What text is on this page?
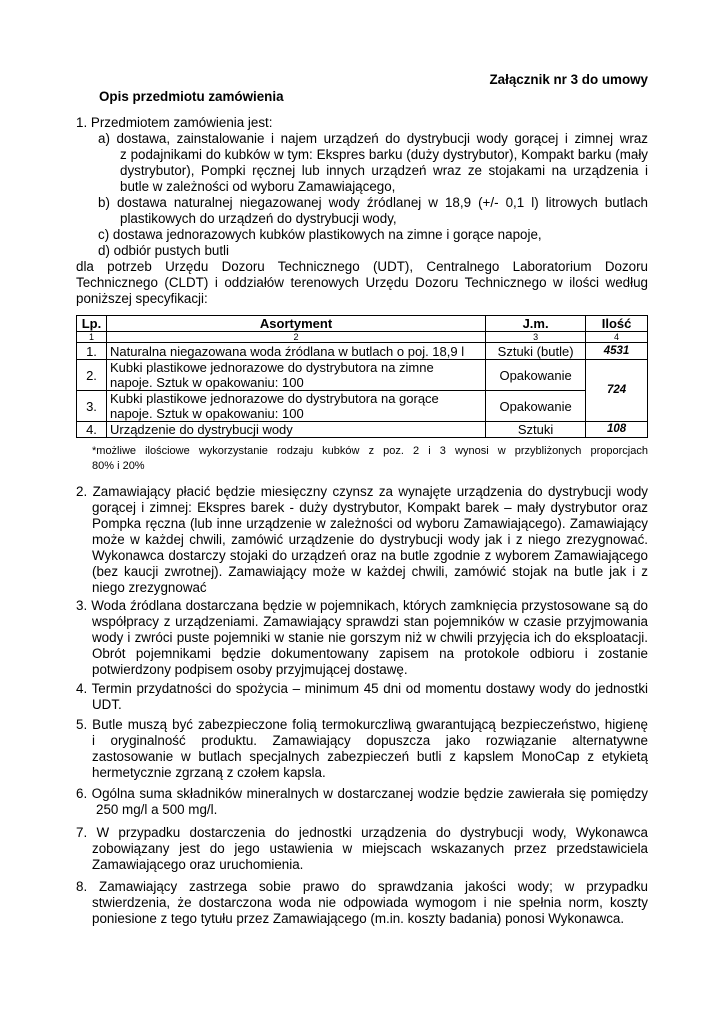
Załącznik nr 3 do umowy
Opis przedmiotu zamówienia
1. Przedmiotem zamówienia jest:
a) dostawa, zainstalowanie i najem urządzeń do dystrybucji wody gorącej i zimnej wraz
z podajnikami do kubków w tym: Ekspres barku (duży dystrybutor), Kompakt barku (mały
dystrybutor), Pompki ręcznej lub innych urządzeń wraz ze stojakami na urządzenia i
butle w zależności od wyboru Zamawiającego,
b) dostawa naturalnej niegazowanej wody źródlanej w 18,9 (+/- 0,1 l) litrowych butlach
plastikowych do urządzeń do dystrybucji wody,
c) dostawa jednorazowych kubków plastikowych na zimne i gorące napoje,
d) odbiór pustych butli
dla potrzeb Urzędu Dozoru Technicznego (UDT), Centralnego Laboratorium Dozoru
Technicznego (CLDT) i oddziałów terenowych Urzędu Dozoru Technicznego w ilości według
poniższej specyfikacji:
Lp.	Asortyment	J.m.	Ilość
1	2	3	4
1.	Naturalna niegazowana woda źródlana w butlach o poj. 18,9 l	Sztuki (butle)	4531
2.	Kubki plastikowe jednorazowe do dystrybutora na zimne
napoje. Sztuk w opakowaniu: 100	Opakowanie	724
3.	Kubki plastikowe jednorazowe do dystrybutora na gorące
napoje. Sztuk w opakowaniu: 100	Opakowanie	
4.	Urządzenie do dystrybucji wody	Sztuki	108
*możliwe ilościowe wykorzystanie rodzaju kubków z poz. 2 i 3 wynosi w przybliżonych proporcjach
80% i 20%
2. Zamawiający płacić będzie miesięczny czynsz za wynajęte urządzenia do dystrybucji wody
gorącej i zimnej: Ekspres barek - duży dystrybutor, Kompakt barek – mały dystrybutor oraz
Pompka ręczna (lub inne urządzenie w zależności od wyboru Zamawiającego). Zamawiający
może w każdej chwili, zamówić urządzenie do dystrybucji wody jak i z niego zrezygnować.
Wykonawca dostarczy stojaki do urządzeń oraz na butle zgodnie z wyborem Zamawiającego
(bez kaucji zwrotnej). Zamawiający może w każdej chwili, zamówić stojak na butle jak i z
niego zrezygnować
3. Woda źródlana dostarczana będzie w pojemnikach, których zamknięcia przystosowane są do
współpracy z urządzeniami. Zamawiający sprawdzi stan pojemników w czasie przyjmowania
wody i zwróci puste pojemniki w stanie nie gorszym niż w chwili przyjęcia ich do eksploatacji.
Obrót pojemnikami będzie dokumentowany zapisem na protokole odbioru i zostanie
potwierdzony podpisem osoby przyjmującej dostawę.
4. Termin przydatności do spożycia – minimum 45 dni od momentu dostawy wody do jednostki
UDT.
5. Butle muszą być zabezpieczone folią termokurczliwą gwarantującą bezpieczeństwo, higienę
i oryginalność produktu. Zamawiający dopuszcza jako rozwiązanie alternatywne
zastosowanie w butlach specjalnych zabezpieczeń butli z kapslem MonoCap z etykietą
hermetycznie zgrzaną z czołem kapsla.
6. Ogólna suma składników mineralnych w dostarczanej wodzie będzie zawierała się pomiędzy
250 mg/l a 500 mg/l.
7. W przypadku dostarczenia do jednostki urządzenia do dystrybucji wody, Wykonawca
zobowiązany jest do jego ustawienia w miejscach wskazanych przez przedstawiciela
Zamawiającego oraz uruchomienia.
8. Zamawiający zastrzega sobie prawo do sprawdzania jakości wody; w przypadku
stwierdzenia, że dostarczona woda nie odpowiada wymogom i nie spełnia norm, koszty
poniesione z tego tytułu przez Zamawiającego (m.in. koszty badania) ponosi Wykonawca.
